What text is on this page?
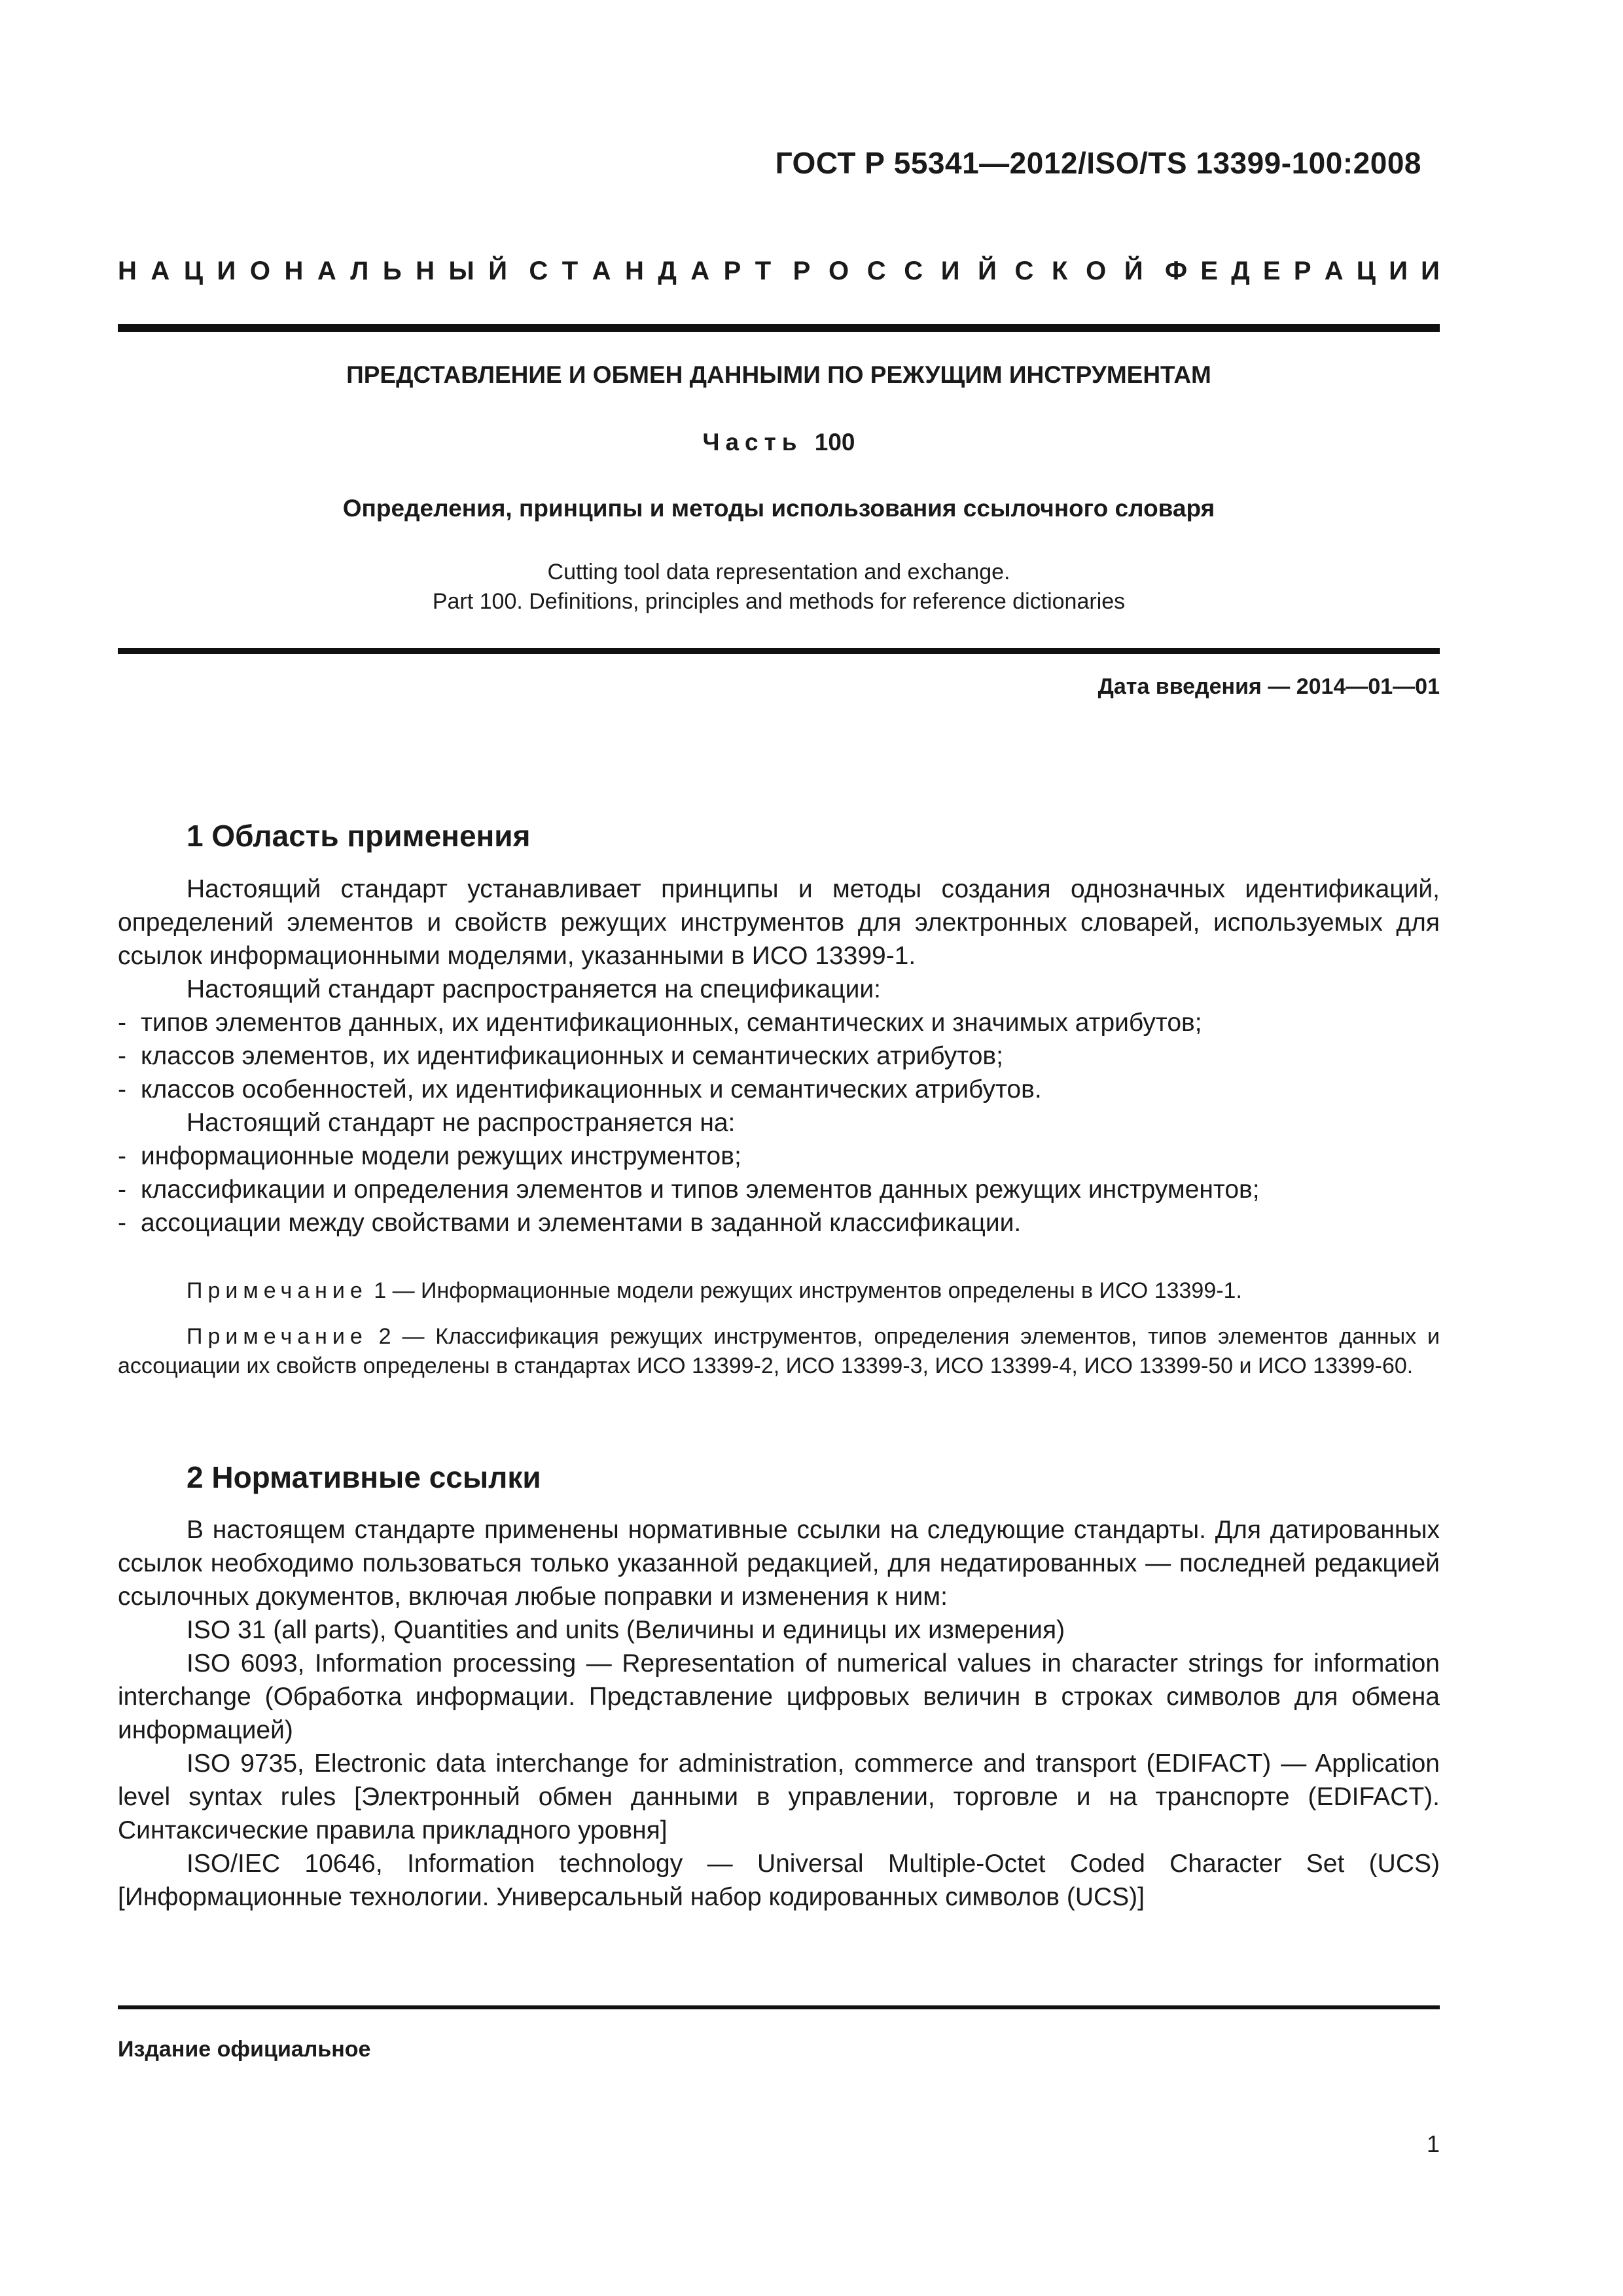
ГОСТ Р 55341—2012/ISO/TS 13399-100:2008
Н А Ц И О Н А Л Ь Н Ы Й С Т А Н Д А Р Т Р О С С И Й С К О Й Ф Е Д Е Р А Ц И И
ПРЕДСТАВЛЕНИЕ И ОБМЕН ДАННЫМИ ПО РЕЖУЩИМ ИНСТРУМЕНТАМ
Часть 100
Определения, принципы и методы использования ссылочного словаря
Cutting tool data representation and exchange.
Part 100. Definitions, principles and methods for reference dictionaries
Дата введения — 2014—01—01
1 Область применения

Настоящий стандарт устанавливает принципы и методы создания однозначных идентификаций, определений элементов и свойств режущих инструментов для электронных словарей, используемых для ссылок информационными моделями, указанными в ИСО 13399-1.

Настоящий стандарт распространяется на спецификации:

- типов элементов данных, их идентификационных, семантических и значимых атрибутов;
- классов элементов, их идентификационных и семантических атрибутов;
- классов особенностей, их идентификационных и семантических атрибутов.

Настоящий стандарт не распространяется на:

- информационные модели режущих инструментов;
- классификации и определения элементов и типов элементов данных режущих инструментов;
- ассоциации между свойствами и элементами в заданной классификации.

Примечание 1 — Информационные модели режущих инструментов определены в ИСО 13399-1.

Примечание 2 — Классификация режущих инструментов, определения элементов, типов элементов данных и ассоциации их свойств определены в стандартах ИСО 13399-2, ИСО 13399-3, ИСО 13399-4, ИСО 13399-50 и ИСО 13399-60.

2 Нормативные ссылки

В настоящем стандарте применены нормативные ссылки на следующие стандарты. Для датированных ссылок необходимо пользоваться только указанной редакцией, для недатированных — последней редакцией ссылочных документов, включая любые поправки и изменения к ним:

ISO 31 (all parts), Quantities and units (Величины и единицы их измерения)

ISO 6093, Information processing — Representation of numerical values in character strings for information interchange (Обработка информации. Представление цифровых величин в строках символов для обмена информацией)

ISO 9735, Electronic data interchange for administration, commerce and transport (EDIFACT) — Application level syntax rules [Электронный обмен данными в управлении, торговле и на транспорте (EDIFACT). Синтаксические правила прикладного уровня]

ISO/IEC 10646, Information technology — Universal Multiple-Octet Coded Character Set (UCS) [Информационные технологии. Универсальный набор кодированных символов (UCS)]

Издание официальное
1
